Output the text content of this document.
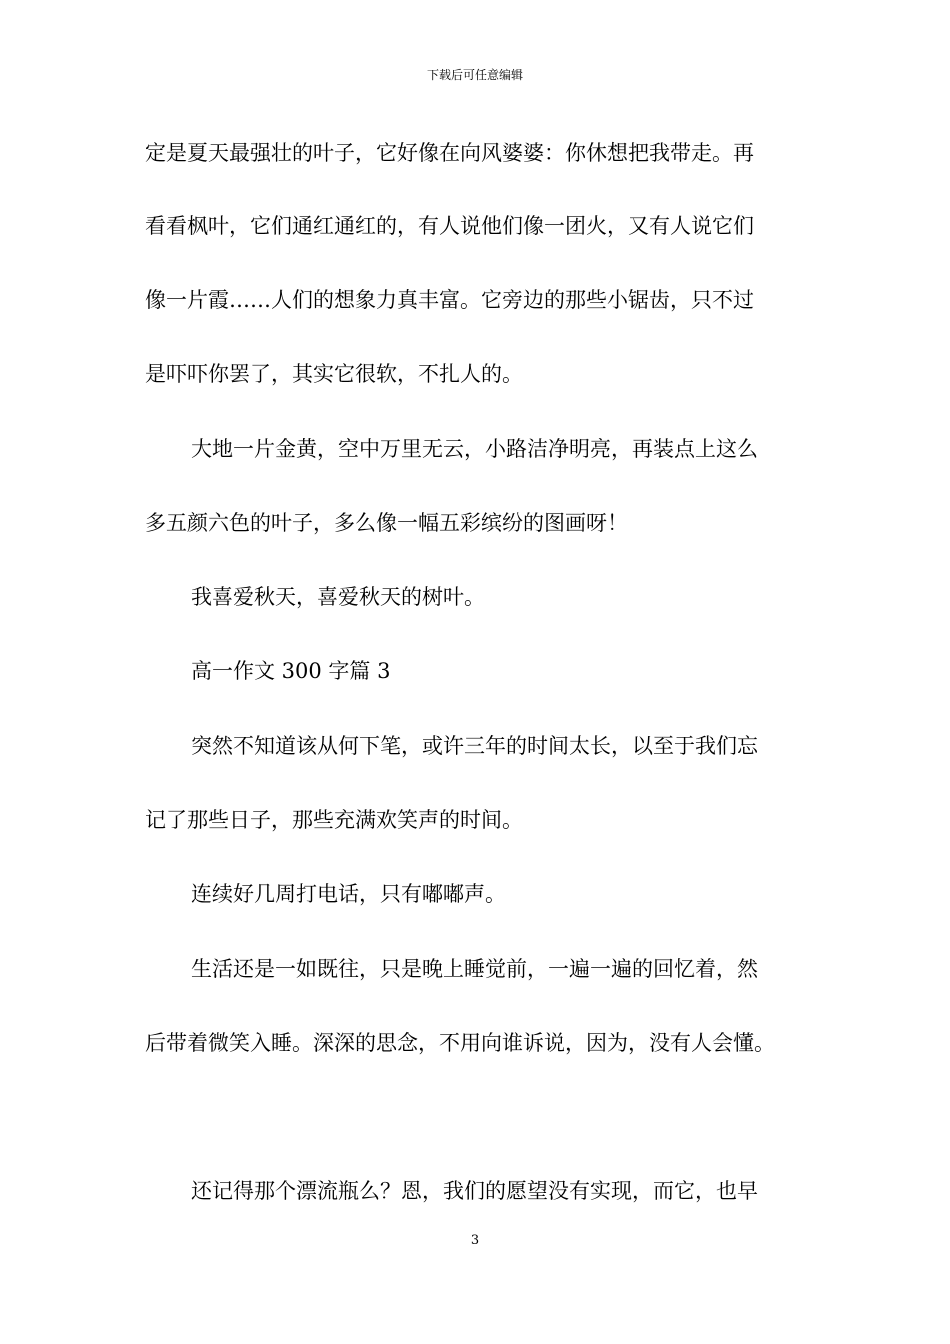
下载后可任意编辑
定是夏天最强壮的叶子，它好像在向风婆婆：你休想把我带走。再
看看枫叶，它们通红通红的，有人说他们像一团火，又有人说它们
像一片霞……人们的想象力真丰富。它旁边的那些小锯齿，只不过
是吓吓你罢了，其实它很软，不扎人的。
大地一片金黄，空中万里无云，小路洁净明亮，再装点上这么
多五颜六色的叶子，多么像一幅五彩缤纷的图画呀！
我喜爱秋天，喜爱秋天的树叶。
高一作文 300 字篇 3
突然不知道该从何下笔，或许三年的时间太长，以至于我们忘
记了那些日子，那些充满欢笑声的时间。
连续好几周打电话，只有嘟嘟声。
生活还是一如既往，只是晚上睡觉前，一遍一遍的回忆着，然
后带着微笑入睡。深深的思念，不用向谁诉说，因为，没有人会懂。
还记得那个漂流瓶么？恩，我们的愿望没有实现，而它，也早
3
